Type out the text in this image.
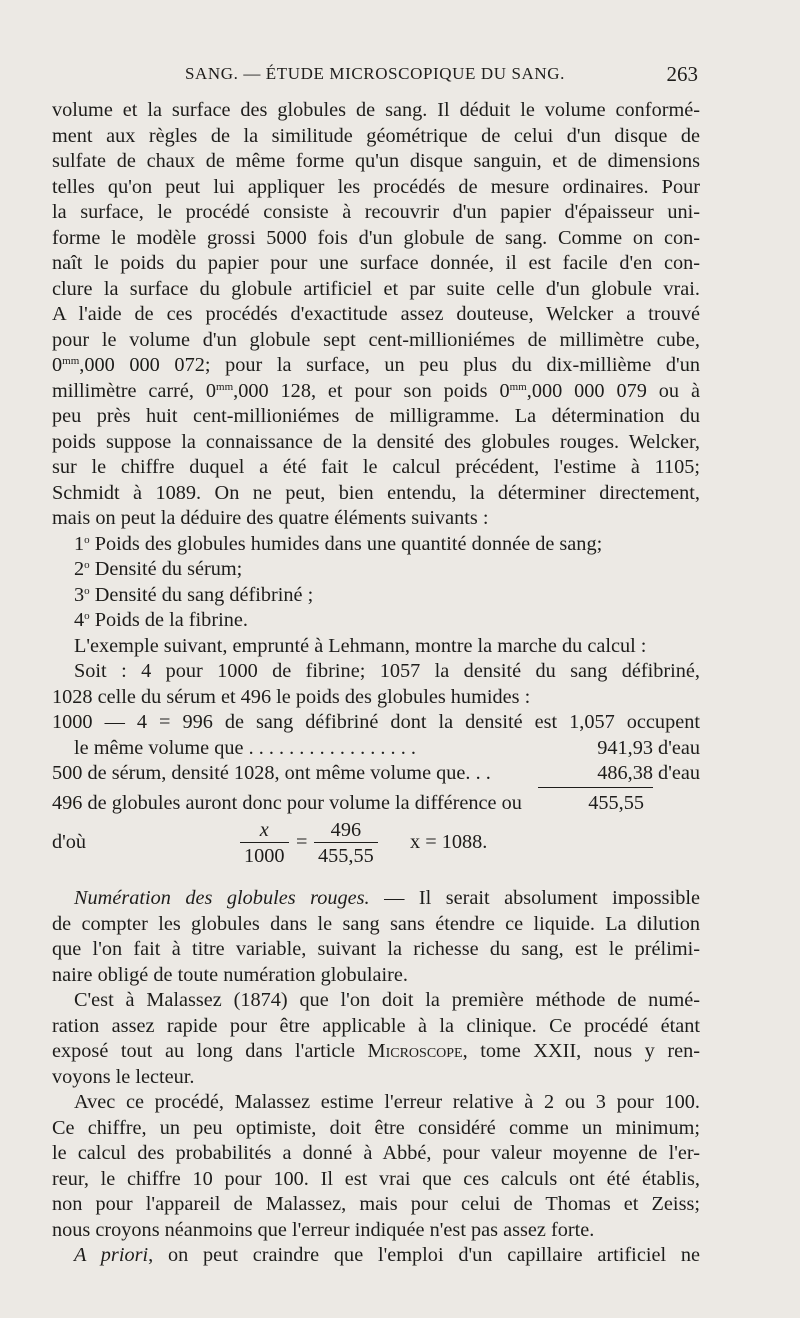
SANG. — ÉTUDE MICROSCOPIQUE DU SANG.	263

volume et la surface des globules de sang. Il déduit le volume conformé-

ment aux règles de la similitude géométrique de celui d'un disque de

sulfate de chaux de même forme qu'un disque sanguin, et de dimensions

telles qu'on peut lui appliquer les procédés de mesure ordinaires. Pour

la surface, le procédé consiste à recouvrir d'un papier d'épaisseur uni-

forme le modèle grossi 5000 fois d'un globule de sang. Comme on con-

naît le poids du papier pour une surface donnée, il est facile d'en con-

clure la surface du globule artificiel et par suite celle d'un globule vrai.

A l'aide de ces procédés d'exactitude assez douteuse, Welcker a trouvé

pour le volume d'un globule sept cent-millioniémes de millimètre cube,

$0^{mm},000$ 000 072; pour la surface, un peu plus du dix-millième d'un

millimètre carré, $0^{mm},000$ 128, et pour son poids $0^{mm},000$ 000 079 ou à

peu près huit cent-millioniémes de milligramme. La détermination du

poids suppose la connaissance de la densité des globules rouges. Welcker,

sur le chiffre duquel a été fait le calcul précédent, l'estime à 1105;

Schmidt à 1089. On ne peut, bien entendu, la déterminer directement,

mais on peut la déduire des quatre éléments suivants :

1$^o$ Poids des globules humides dans une quantité donnée de sang;

2$^o$ Densité du sérum;

3$^o$ Densité du sang défibriné ;

4$^o$ Poids de la fibrine.

L'exemple suivant, emprunté à Lehmann, montre la marche du calcul :

Soit : 4 pour 1000 de fibrine; 1057 la densité du sang défibriné,

1028 celle du sérum et 496 le poids des globules humides :

1000 — 4 = 996 de sang défibriné dont la densité est 1,057 occupent

le même volume que . . . . . . . . . . . . . . . . .	941,93 d'eau
500 de sérum, densité 1028, ont même volume que. . .	486,38 d'eau
496 de globules auront donc pour volume la différence ou	455,55
d'où	$\frac{x}{1000} = \frac{496}{455,55}$ x = 1088.

Numération des globules rouges. — Il serait absolument impossible

de compter les globules dans le sang sans étendre ce liquide. La dilution

que l'on fait à titre variable, suivant la richesse du sang, est le prélimi-

naire obligé de toute numération globulaire.

C'est à Malassez (1874) que l'on doit la première méthode de numé-

ration assez rapide pour être applicable à la clinique. Ce procédé étant

exposé tout au long dans l'article Microscope, tome XXII, nous y ren-

voyons le lecteur.

Avec ce procédé, Malassez estime l'erreur relative à 2 ou 3 pour 100.

Ce chiffre, un peu optimiste, doit être considéré comme un minimum;

le calcul des probabilités a donné à Abbé, pour valeur moyenne de l'er-

reur, le chiffre 10 pour 100. Il est vrai que ces calculs ont été établis,

non pour l'appareil de Malassez, mais pour celui de Thomas et Zeiss;

nous croyons néanmoins que l'erreur indiquée n'est pas assez forte.

A priori, on peut craindre que l'emploi d'un capillaire artificiel ne
